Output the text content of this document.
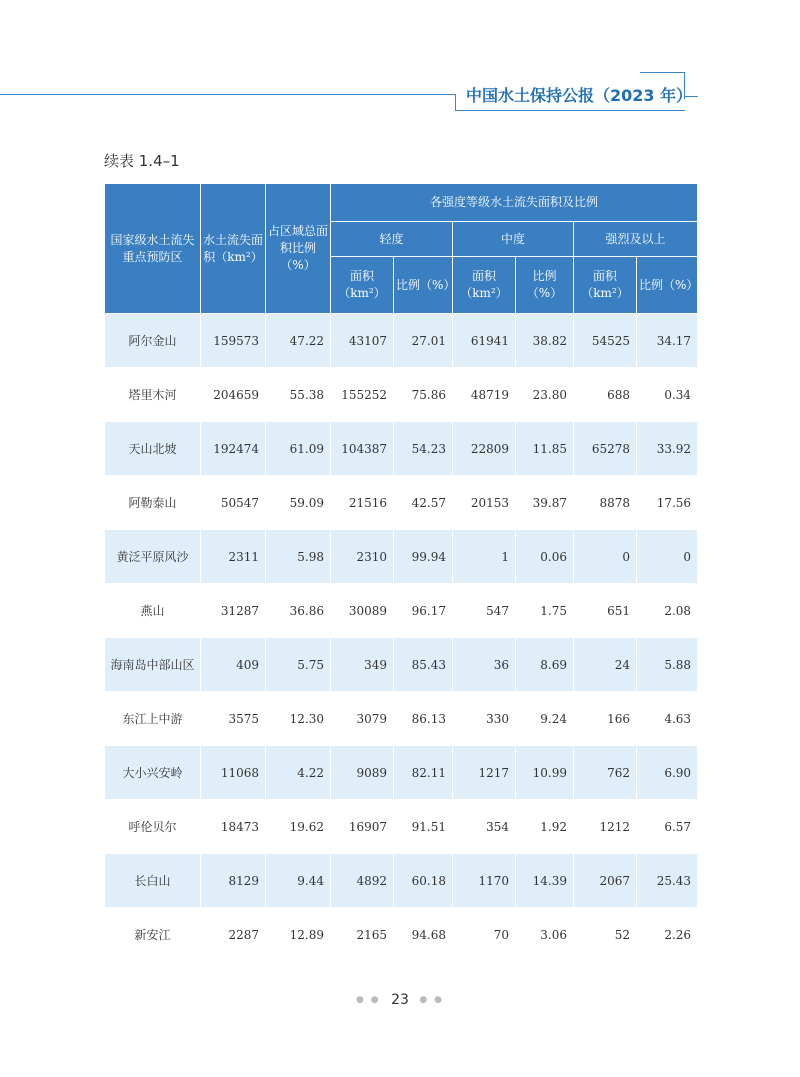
中国水土保持公报（2023 年）
续表 1.4–1
国家级水土流失重点预防区	水土流失面积（km²）	占区域总面积比例（%）	各强度等级水土流失面积及比例					
			轻度		中度		强烈及以上	
			面积（km²）	比例（%）	面积（km²）	比例（%）	面积（km²）	比例（%）
阿尔金山	159573	47.22	43107	27.01	61941	38.82	54525	34.17
塔里木河	204659	55.38	155252	75.86	48719	23.80	688	0.34
天山北坡	192474	61.09	104387	54.23	22809	11.85	65278	33.92
阿勒泰山	50547	59.09	21516	42.57	20153	39.87	8878	17.56
黄泛平原风沙	2311	5.98	2310	99.94	1	0.06	0	0
燕山	31287	36.86	30089	96.17	547	1.75	651	2.08
海南岛中部山区	409	5.75	349	85.43	36	8.69	24	5.88
东江上中游	3575	12.30	3079	86.13	330	9.24	166	4.63
大小兴安岭	11068	4.22	9089	82.11	1217	10.99	762	6.90
呼伦贝尔	18473	19.62	16907	91.51	354	1.92	1212	6.57
长白山	8129	9.44	4892	60.18	1170	14.39	2067	25.43
新安江	2287	12.89	2165	94.68	70	3.06	52	2.26
● ● 23 ● ●
